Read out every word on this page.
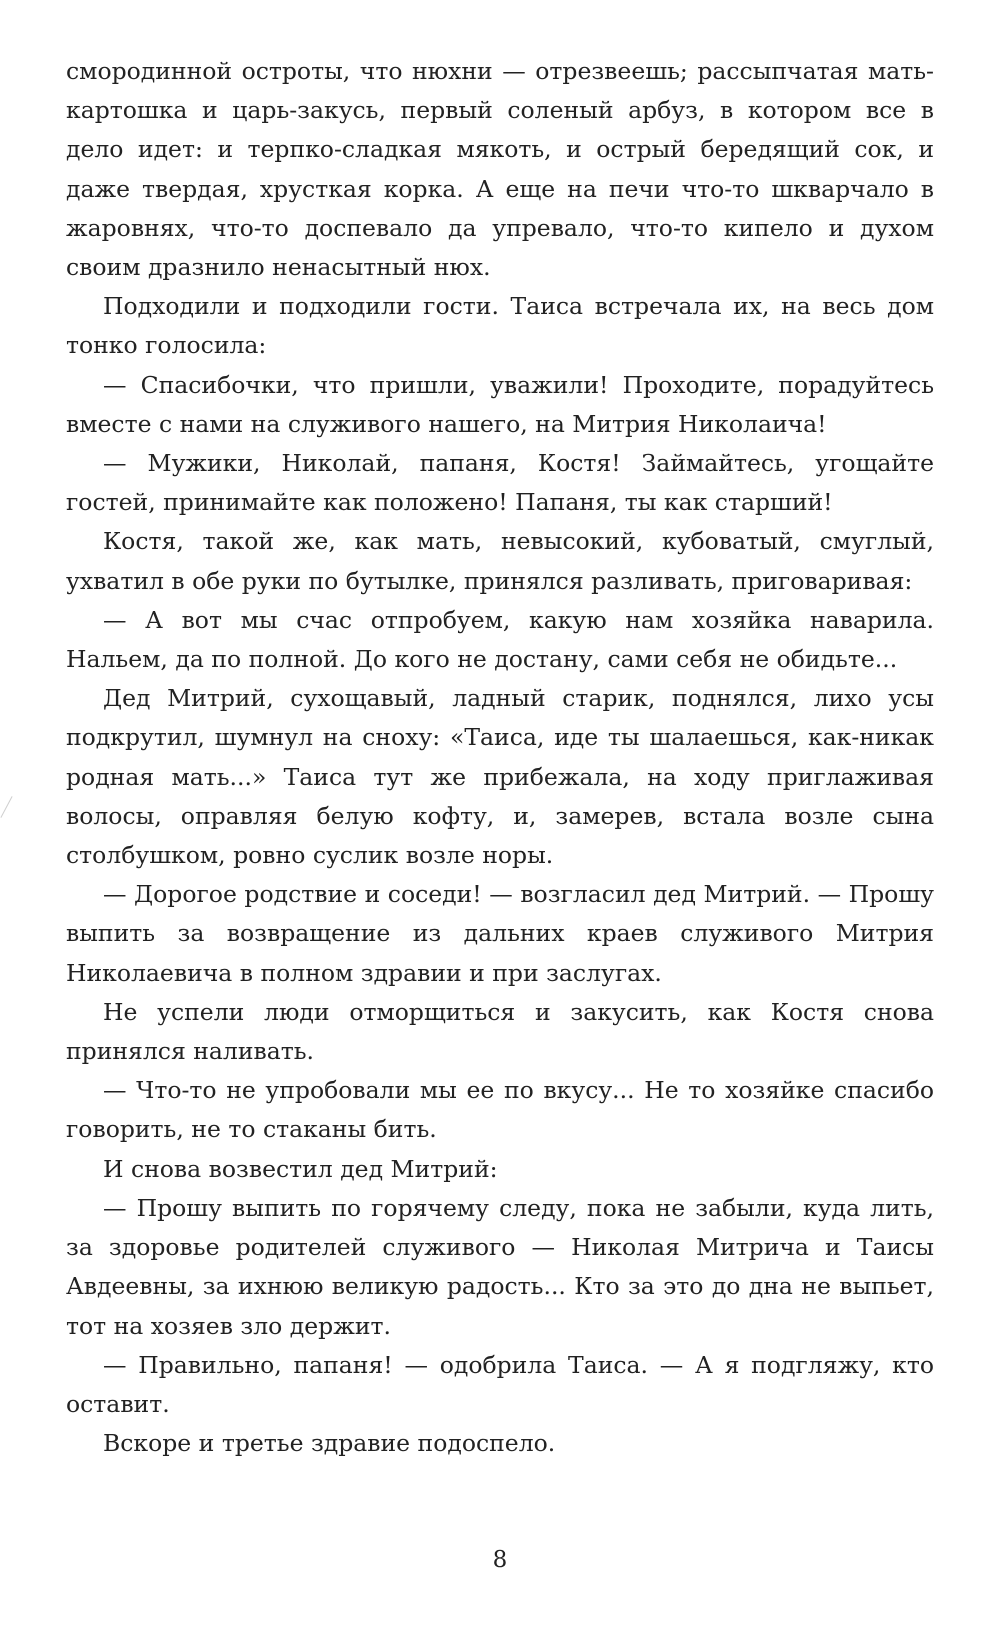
смородинной остроты, что нюхни — отрезвеешь; рассыпчатая мать-картошка и царь-закусь, первый соленый арбуз, в котором все в дело идет: и терпко-сладкая мякоть, и острый бередящий сок, и даже твердая, хрусткая корка. А еще на печи что-то шкварчало в жаровнях, что-то доспевало да упревало, что-то кипело и духом своим дразнило ненасытный нюх.

Подходили и подходили гости. Таиса встречала их, на весь дом тонко голосила:

— Спасибочки, что пришли, уважили! Проходите, порадуйтесь вместе с нами на служивого нашего, на Митрия Николаича!

— Мужики, Николай, папаня, Костя! Займайтесь, угощайте гостей, принимайте как положено! Папаня, ты как старший!

Костя, такой же, как мать, невысокий, кубоватый, смуглый, ухватил в обе руки по бутылке, принялся разливать, приговаривая:

— А вот мы счас отпробуем, какую нам хозяйка наварила. Нальем, да по полной. До кого не достану, сами себя не обидьте...

Дед Митрий, сухощавый, ладный старик, поднялся, лихо усы подкрутил, шумнул на сноху: «Таиса, иде ты шалаешься, как-никак родная мать...» Таиса тут же прибежала, на ходу приглаживая волосы, оправляя белую кофту, и, замерев, встала возле сына столбушком, ровно суслик возле норы.

— Дорогое родствие и соседи! — возгласил дед Митрий. — Прошу выпить за возвращение из дальних краев служивого Митрия Николаевича в полном здравии и при заслугах.

Не успели люди отморщиться и закусить, как Костя снова принялся наливать.

— Что-то не упробовали мы ее по вкусу... Не то хозяйке спасибо говорить, не то стаканы бить.

И снова возвестил дед Митрий:

— Прошу выпить по горячему следу, пока не забыли, куда лить, за здоровье родителей служивого — Николая Митрича и Таисы Авдеевны, за ихнюю великую радость... Кто за это до дна не выпьет, тот на хозяев зло держит.

— Правильно, папаня! — одобрила Таиса. — А я подгляжу, кто оставит.

Вскоре и третье здравие подоспело.

8
